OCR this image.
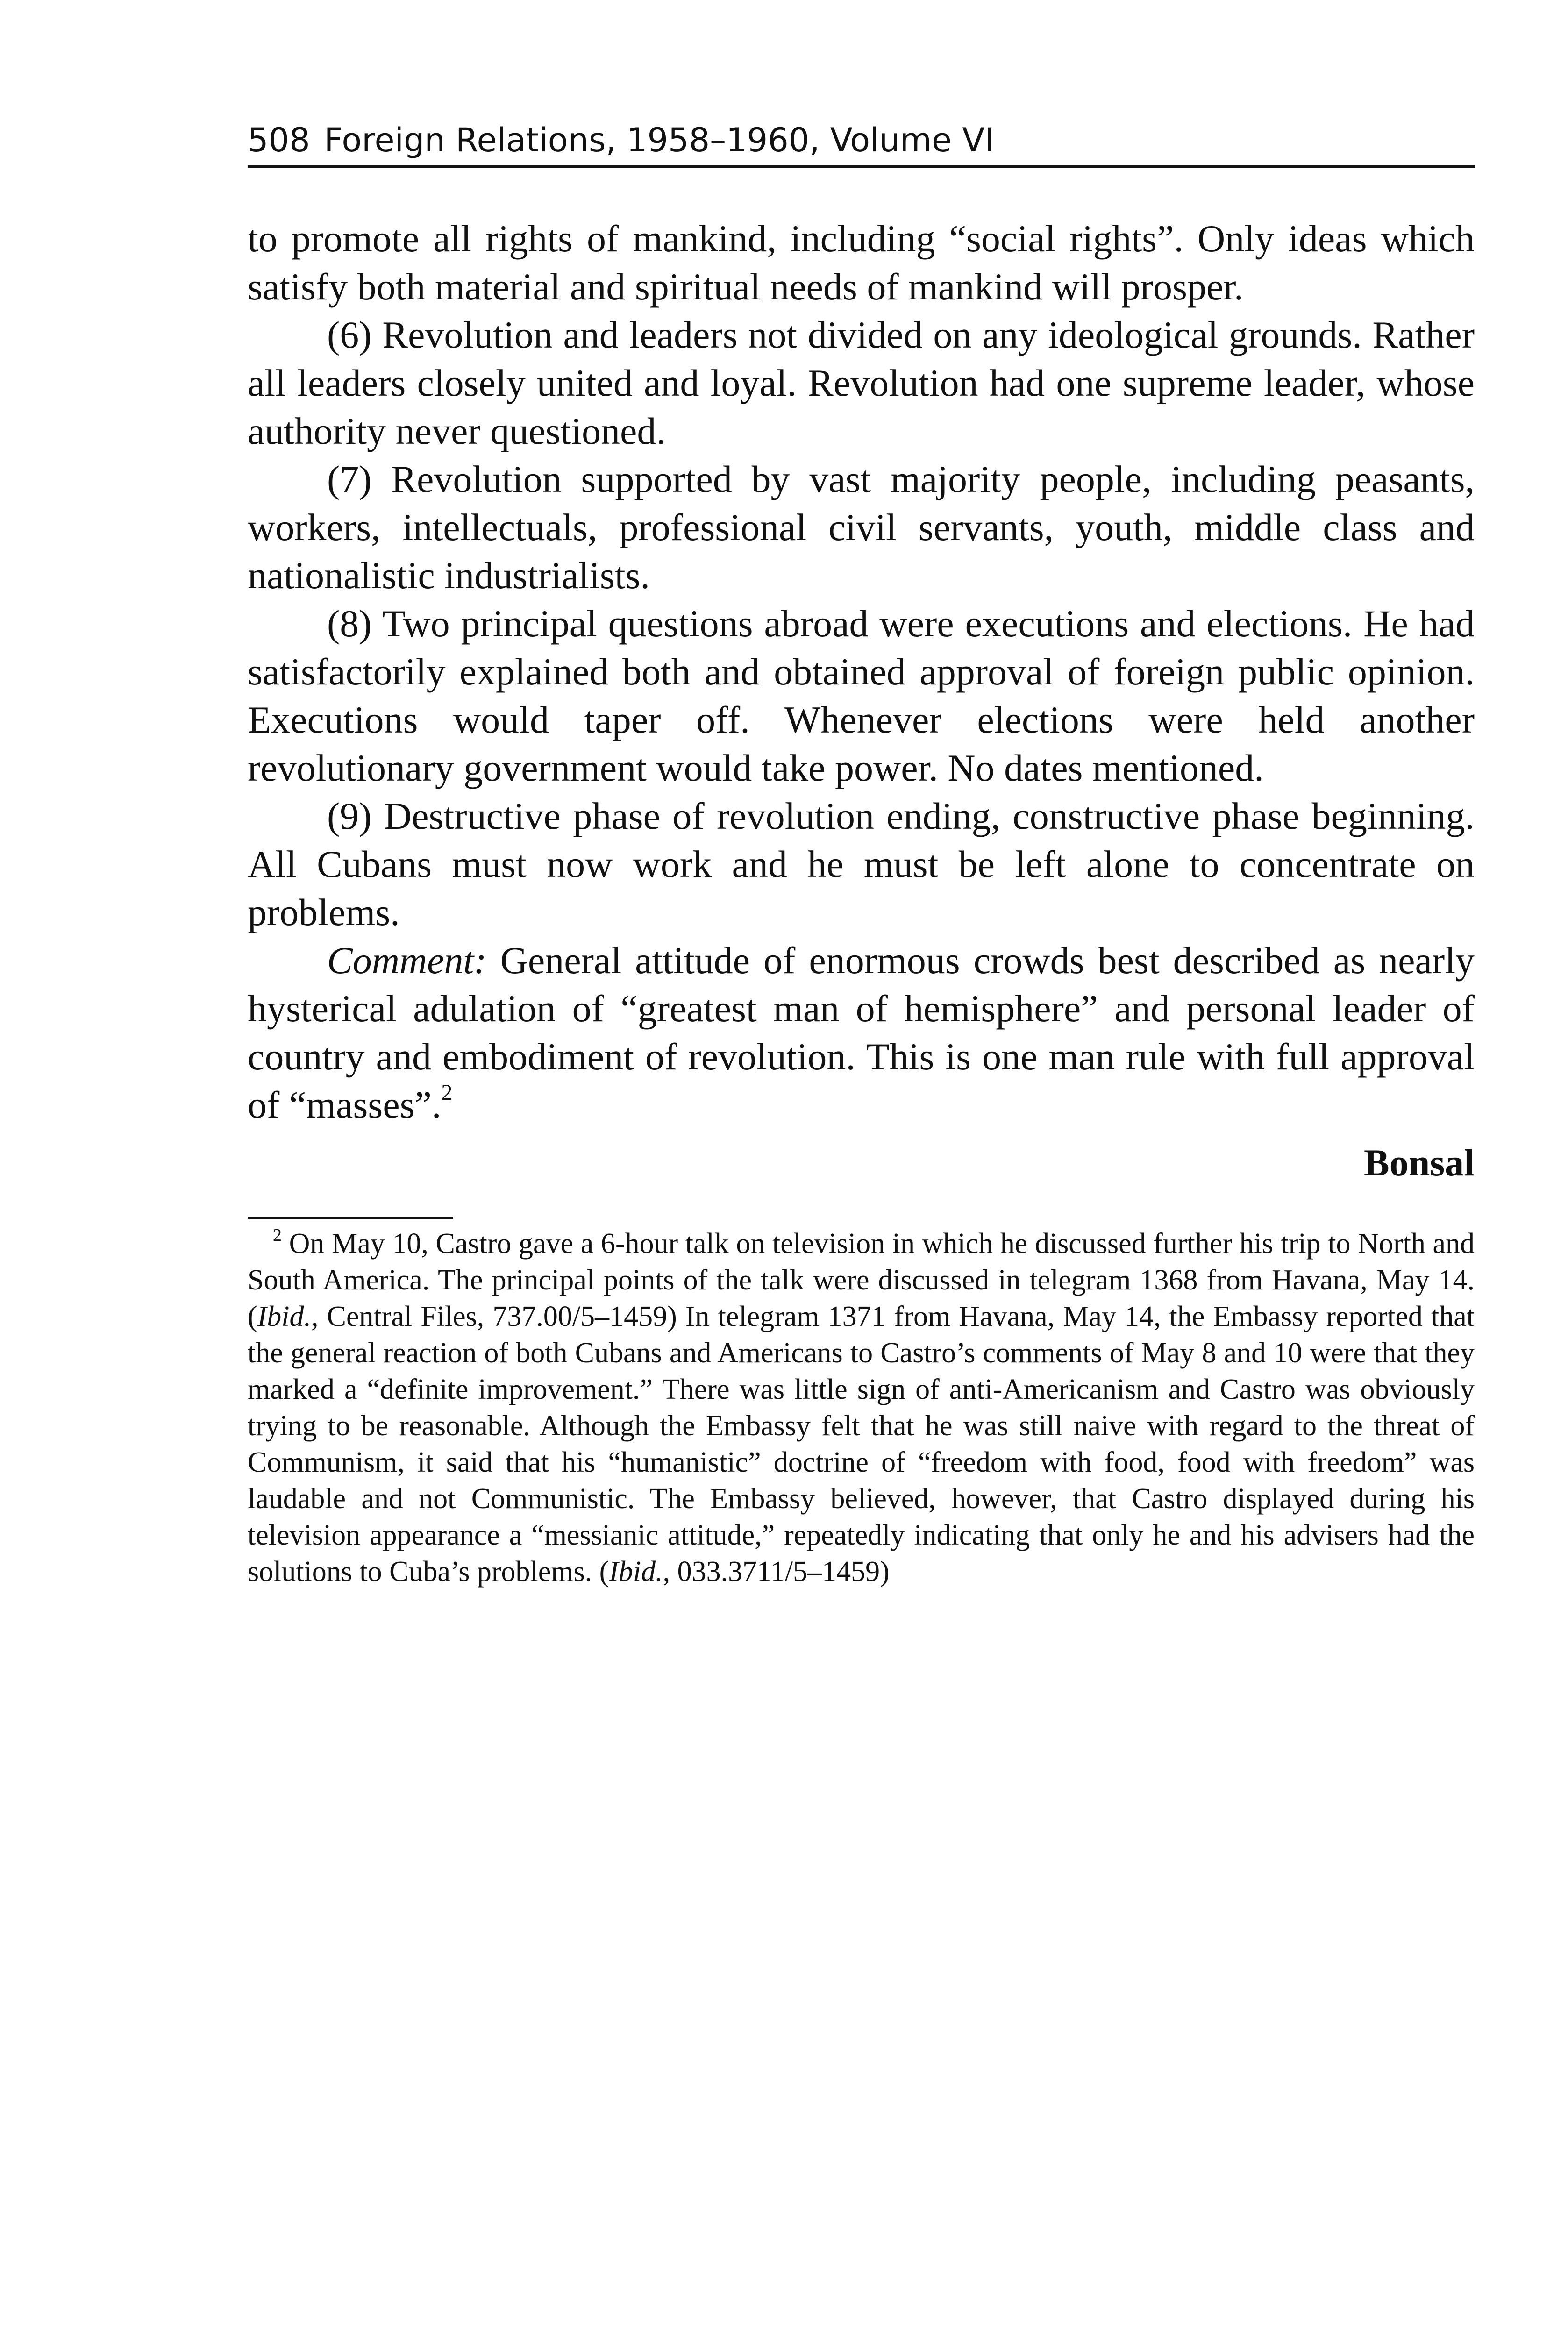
508 Foreign Relations, 1958–1960, Volume VI

to promote all rights of mankind, including “social rights”. Only ideas which satisfy both material and spiritual needs of mankind will prosper.

(6) Revolution and leaders not divided on any ideological grounds. Rather all leaders closely united and loyal. Revolution had one supreme leader, whose authority never questioned.

(7) Revolution supported by vast majority people, including peasants, workers, intellectuals, professional civil servants, youth, middle class and nationalistic industrialists.

(8) Two principal questions abroad were executions and elections. He had satisfactorily explained both and obtained approval of foreign public opinion. Executions would taper off. Whenever elections were held another revolutionary government would take power. No dates mentioned.

(9) Destructive phase of revolution ending, constructive phase beginning. All Cubans must now work and he must be left alone to concentrate on problems.

Comment: General attitude of enormous crowds best described as nearly hysterical adulation of “greatest man of hemisphere” and personal leader of country and embodiment of revolution. This is one man rule with full approval of “masses”.$^2$

Bonsal

$^2$ On May 10, Castro gave a 6-hour talk on television in which he discussed further his trip to North and South America. The principal points of the talk were discussed in telegram 1368 from Havana, May 14. (Ibid., Central Files, 737.00/5–1459) In telegram 1371 from Havana, May 14, the Embassy reported that the general reaction of both Cubans and Americans to Castro’s comments of May 8 and 10 were that they marked a “definite improvement.” There was little sign of anti-Americanism and Castro was obviously trying to be reasonable. Although the Embassy felt that he was still naive with regard to the threat of Communism, it said that his “humanistic” doctrine of “freedom with food, food with freedom” was laudable and not Communistic. The Embassy believed, however, that Castro displayed during his television appearance a “messianic attitude,” repeatedly indicating that only he and his advisers had the solutions to Cuba’s problems. (Ibid., 033.3711/5–1459)
